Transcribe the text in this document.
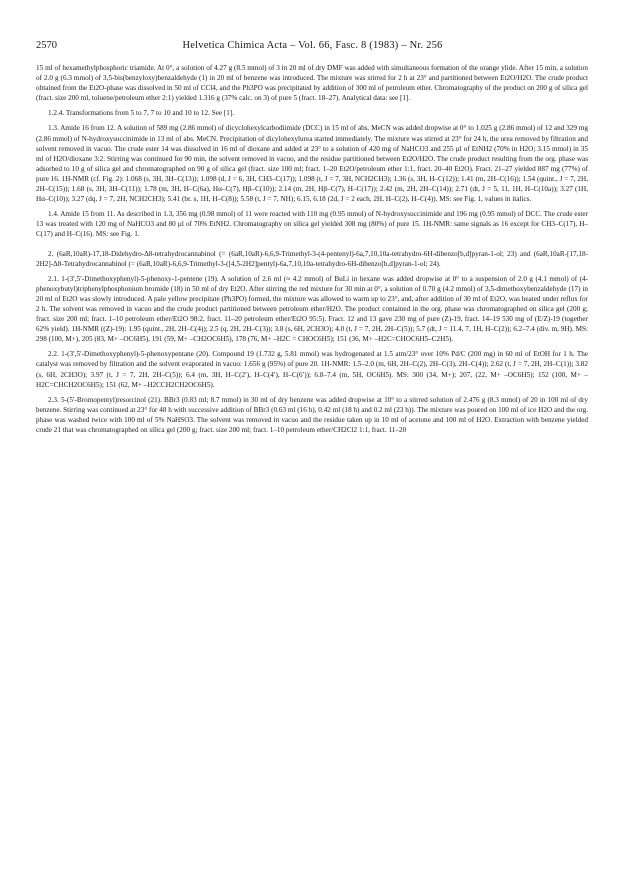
2570	Helvetica Chimica Acta – Vol. 66, Fasc. 8 (1983) – Nr. 256

15 ml of hexamethylphosphoric triamide. At 0°, a solution of 4.27 g (8.5 mmol) of 3 in 20 ml of dry DMF was added with simultaneous formation of the orange ylide. After 15 min, a solution of 2.0 g (6.3 mmol) of 3,5-bis(benzyloxy)benzaldehyde (1) in 20 ml of benzene was introduced. The mixture was stirred for 2 h at 23° and partitioned between Et2O/H2O. The crude product obtained from the Et2O-phase was dissolved in 50 ml of CCl4, and the Ph3PO was precipitated by addition of 300 ml of petroleum ether. Chromatography of the product on 200 g of silica gel (fract. size 200 ml, toluene/petroleum ether 2:1) yielded 1.316 g (37% calc. on 3) of pure 5 (fract. 18–27). Analytical data: see [1].

1.2.4. Transformations from 5 to 7, 7 to 10 and 10 to 12. See [1].

1.3. Amide 16 from 12. A solution of 589 mg (2.86 mmol) of dicyclohexylcarbodiimide (DCC) in 15 ml of abs. MeCN was added dropwise at 0° to 1.025 g (2.86 mmol) of 12 and 329 mg (2.86 mmol) of N-hydroxysuccinimide in 13 ml of abs. MeCN. Precipitation of dicylohexylurea started immediately. The mixture was stirred at 23° for 24 h, the urea removed by filtration and solvent removed in vacuo. The crude ester 14 was dissolved in 16 ml of dioxane and added at 23° to a solution of 420 mg of NaHCO3 and 255 µl of EtNH2 (70% in H2O; 3.15 mmol) in 35 ml of H2O/dioxane 3:2. Stirring was continued for 90 min, the solvent removed in vacuo, and the residue partitioned between Et2O/H2O. The crude product resulting from the org. phase was adsorbed to 10 g of silica gel and chromatographed on 90 g of silica gel (fract. size 100 ml; fract. 1–20 Et2O/petroleum ether 1:1, fract. 20–40 Et2O). Fract. 21–27 yielded 887 mg (77%) of pure 16. 1H-NMR (cf. Fig. 2): 1.068 (s, 3H, 3H–C(13)); 1.098 (d, J = 6, 3H, CH3–C(17)); 1.098 (t, J = 7, 3H, NCH2CH3); 1.36 (s, 3H, H–C(12)); 1.41 (m, 2H–C(16)); 1.54 (quint., J = 7, 2H, 2H–C(15)); 1.68 (s, 3H, 3H–C(11)); 1.78 (m, 3H, H–C(6a), Hα–C(7), Hβ–C(10)); 2.14 (m, 2H, Hβ–C(7), H–C(17)); 2.42 (m, 2H, 2H–C(14)); 2.71 (dt, J = 5, 11, 1H, H–C(10a)); 3.27 (1H, Hα–C(10)); 3.27 (dq, J = 7, 2H, NCH2CH3); 5.41 (br. s, 1H, H–C(8)); 5.58 (t, J = 7, NH); 6.15, 6.18 (2d, J = 2 each, 2H, H–C(2), H–C(4)). MS: see Fig. 1, values in italics.

1.4. Amide 15 from 11. As described in 1.3, 356 mg (0.98 mmol) of 11 were reacted with 110 mg (0.95 mmol) of N-hydroxysuccinimide and 196 mg (0.95 mmol) of DCC. The crude ester 13 was treated with 120 mg of NaHCO3 and 80 µl of 70% EtNH2. Chromatography on silica gel yielded 308 mg (80%) of pure 15. 1H-NMR: same signals as 16 except for CH3–C(17), H–C(17) and H–C(16). MS: see Fig. 1.

2. (6aR,10aR)-17,18-Didehydro-Δ8-tetrahydrocannabinol (= (6aR,10aR)-6,6,9-Trimethyl-3-(4-pentenyl)-6a,7,10,10a-tetrahydro-6H-dibenzo[b,d]pyran-1-ol; 23) and (6aR,10aR-[17,18-2H2]-Δ8-Tetrahydrocannabinol (= (6aR,10aR)-6,6,9-Trimethyl-3-([4,5-2H2]pentyl)-6a,7,10,10a-tetrahydro-6H-dibenzo[b,d]pyran-1-ol; 24).

2.1. 1-(3′,5′-Dimethoxyphenyl)-5-phenoxy-1-pentene (19). A solution of 2.6 ml (≈ 4.2 mmol) of BuLi in hexane was added dropwise at 0° to a suspension of 2.0 g (4.1 mmol) of (4-phenoxybutyl)triphenylphosphonium bromide (18) in 50 ml of dry Et2O. After stirring the red mixture for 30 min at 0°, a solution of 0.70 g (4.2 mmol) of 3,5-dimethoxybenzaldehyde (17) in 20 ml of Et2O was slowly introduced. A pale yellow precipitate (Ph3PO) formed, the mixture was allowed to warm up to 23°, and, after addition of 30 ml of Et2O, was heated under reflux for 2 h. The solvent was removed in vacuo and the crude product partitioned between petroleum ether/H2O. The product contained in the org. phase was chromatographed on silica gel (200 g; fract. size 200 ml; fract. 1–10 petroleum ether/Et2O 98:2, fract. 11–20 petroleum ether/Et2O 95:5). Fract. 12 and 13 gave 230 mg of pure (Z)-19, fract. 14–19 530 mg of (E/Z)-19 (together 62% yield). 1H-NMR ((Z)-19): 1.95 (quint., 2H, 2H–C(4)); 2.5 (q, 2H, 2H–C(3)); 3.8 (s, 6H, 2CH3O); 4.0 (t, J = 7, 2H, 2H–C(5)); 5.7 (dt, J = 11.4, 7, 1H, H–C(2)); 6.2–7.4 (div. m, 9H). MS: 298 (100, M+), 205 (83, M+ –OC6H5), 191 (59, M+ –CH2OC6H5), 178 (76, M+ –H2C = CHOC6H5); 151 (36, M+ –H2C=CHOC6H5–C2H5).

2.2. 1-(3′,5′-Dimethoxyphenyl)-5-phenoxypentane (20). Compound 19 (1.732 g, 5.81 mmol) was hydrogenated at 1.5 atm/23° over 10% Pd/C (200 mg) in 60 ml of EtOH for 1 h. The catalyst was removed by filtration and the solvent evaporated in vacuo: 1.656 g (95%) of pure 20. 1H-NMR: 1.5–2.0 (m, 6H, 2H–C(2), 2H–C(3), 2H–C(4)); 2.62 (t, J = 7, 2H, 2H–C(1)); 3.82 (s, 6H, 2CH3O); 3.97 (t, J = 7, 2H, 2H–C(5)); 6.4 (m, 3H, H–C(2′), H–C(4′), H–C(6′)); 6.8–7.4 (m, 5H, OC6H5). MS: 300 (34, M+); 207, (22, M+ –OC6H5); 152 (100, M+ –H2C=CHCH2OC6H5); 151 (62, M+ –H2CCH2CH2OC6H5).

2.3. 5-(5′-Bromopentyl)resorcinol (21). BBr3 (0.83 ml; 8.7 mmol) in 30 ml of dry benzene was added dropwise at 10° to a stirred solution of 2.476 g (8.3 mmol) of 20 in 100 ml of dry benzene. Stirring was continued at 23° for 48 h with successive addition of BBr3 (0.63 ml (16 h), 0.42 ml (18 h) and 0.2 ml (23 h)). The mixture was poured on 100 ml of ice H2O and the org. phase was washed twice with 100 ml of 5% NaHSO3. The solvent was removed in vacuo and the residue taken up in 10 ml of acetone and 100 ml of H2O. Extraction with benzene yielded crude 21 that was chromatographed on silica gel (200 g; fract. size 200 ml; fract. 1–10 petroleum ether/CH2Cl2 1:1, fract. 11–20
